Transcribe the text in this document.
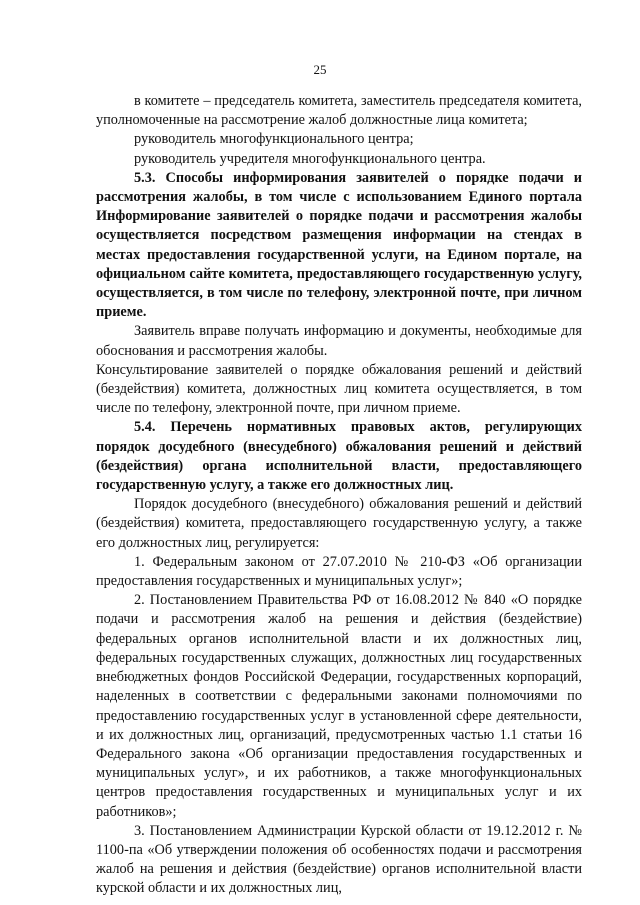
25

в комитете – председатель комитета, заместитель председателя комитета, уполномоченные на рассмотрение жалоб должностные лица комитета;

руководитель многофункционального центра;

руководитель учредителя многофункционального центра.

5.3. Способы информирования заявителей о порядке подачи и рассмотрения жалобы, в том числе с использованием Единого портала Информирование заявителей о порядке подачи и рассмотрения жалобы осуществляется посредством размещения информации на стендах в местах предоставления государственной услуги, на Едином портале, на официальном сайте комитета, предоставляющего государственную услугу, осуществляется, в том числе по телефону, электронной почте, при личном приеме.

Заявитель вправе получать информацию и документы, необходимые для обоснования и рассмотрения жалобы.

Консультирование заявителей о порядке обжалования решений и действий (бездействия) комитета, должностных лиц комитета осуществляется, в том числе по телефону, электронной почте, при личном приеме.

5.4. Перечень нормативных правовых актов, регулирующих порядок досудебного (внесудебного) обжалования решений и действий (бездействия) органа исполнительной власти, предоставляющего государственную услугу, а также его должностных лиц.

Порядок досудебного (внесудебного) обжалования решений и действий (бездействия) комитета, предоставляющего государственную услугу, а также его должностных лиц, регулируется:

1. Федеральным законом от 27.07.2010 № 210-ФЗ «Об организации предоставления государственных и муниципальных услуг»;

2. Постановлением Правительства РФ от 16.08.2012 № 840 «О порядке подачи и рассмотрения жалоб на решения и действия (бездействие) федеральных органов исполнительной власти и их должностных лиц, федеральных государственных служащих, должностных лиц государственных внебюджетных фондов Российской Федерации, государственных корпораций, наделенных в соответствии с федеральными законами полномочиями по предоставлению государственных услуг в установленной сфере деятельности, и их должностных лиц, организаций, предусмотренных частью 1.1 статьи 16 Федерального закона «Об организации предоставления государственных и муниципальных услуг», и их работников, а также многофункциональных центров предоставления государственных и муниципальных услуг и их работников»;

3. Постановлением Администрации Курской области от 19.12.2012 г. № 1100-па «Об утверждении положения об особенностях подачи и рассмотрения жалоб на решения и действия (бездействие) органов исполнительной власти курской области и их должностных лиц,
